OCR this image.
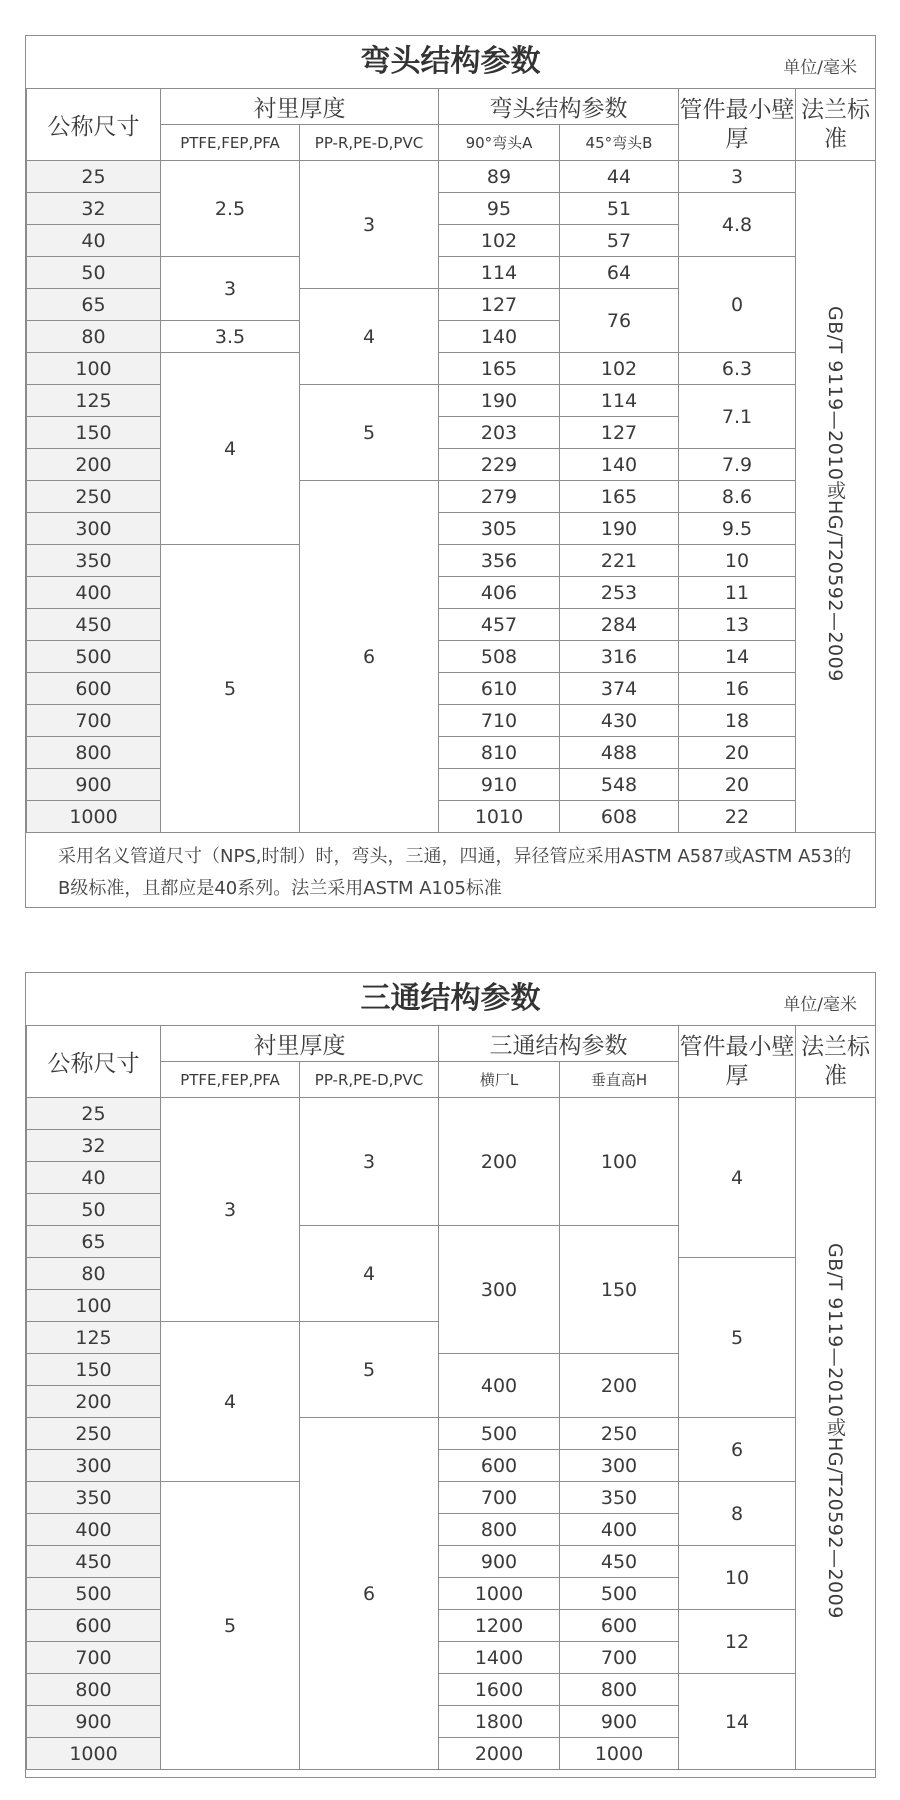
弯头结构参数	单位/毫米
公称尺寸	衬里厚度		弯头结构参数		管件最小壁厚	法兰标准
	PTFE,FEP,PFA	PP-R,PE-D,PVC	90°弯头A	45°弯头B		
25	2.5	3	89	44	3	GB/T 9119—2010或HG/T20592—2009
32			95	51	4.8	
40			102	57		
50	3		114	64	0	
65		4	127	76		
80	3.5		140			
100	4		165	102	6.3	
125		5	190	114	7.1	
150			203	127		
200			229	140	7.9	
250		6	279	165	8.6	
300			305	190	9.5	
350	5		356	221	10	
400			406	253	11	
450			457	284	13	
500			508	316	14	
600			610	374	16	
700			710	430	18	
800			810	488	20	
900			910	548	20	
1000			1010	608	22	
采用名义管道尺寸（NPS,时制）时，弯头，三通，四通，异径管应采用ASTM A587或ASTM A53的B级标准，且都应是40系列。法兰采用ASTM A105标准
三通结构参数	单位/毫米
公称尺寸	衬里厚度		三通结构参数		管件最小壁厚	法兰标准
	PTFE,FEP,PFA	PP-R,PE-D,PVC	横厂L	垂直高H		
25	3	3	200	100	4	GB/T 9119—2010或HG/T20592—2009
32						
40						
50						
65		4	300	150		
80					5	
100						
125	4	5				
150			400	200		
200						
250		6	500	250	6	
300			600	300		
350	5		700	350	8	
400			800	400		
450			900	450	10	
500			1000	500		
600			1200	600	12	
700			1400	700		
800			1600	800	14	
900			1800	900		
1000			2000	1000		
